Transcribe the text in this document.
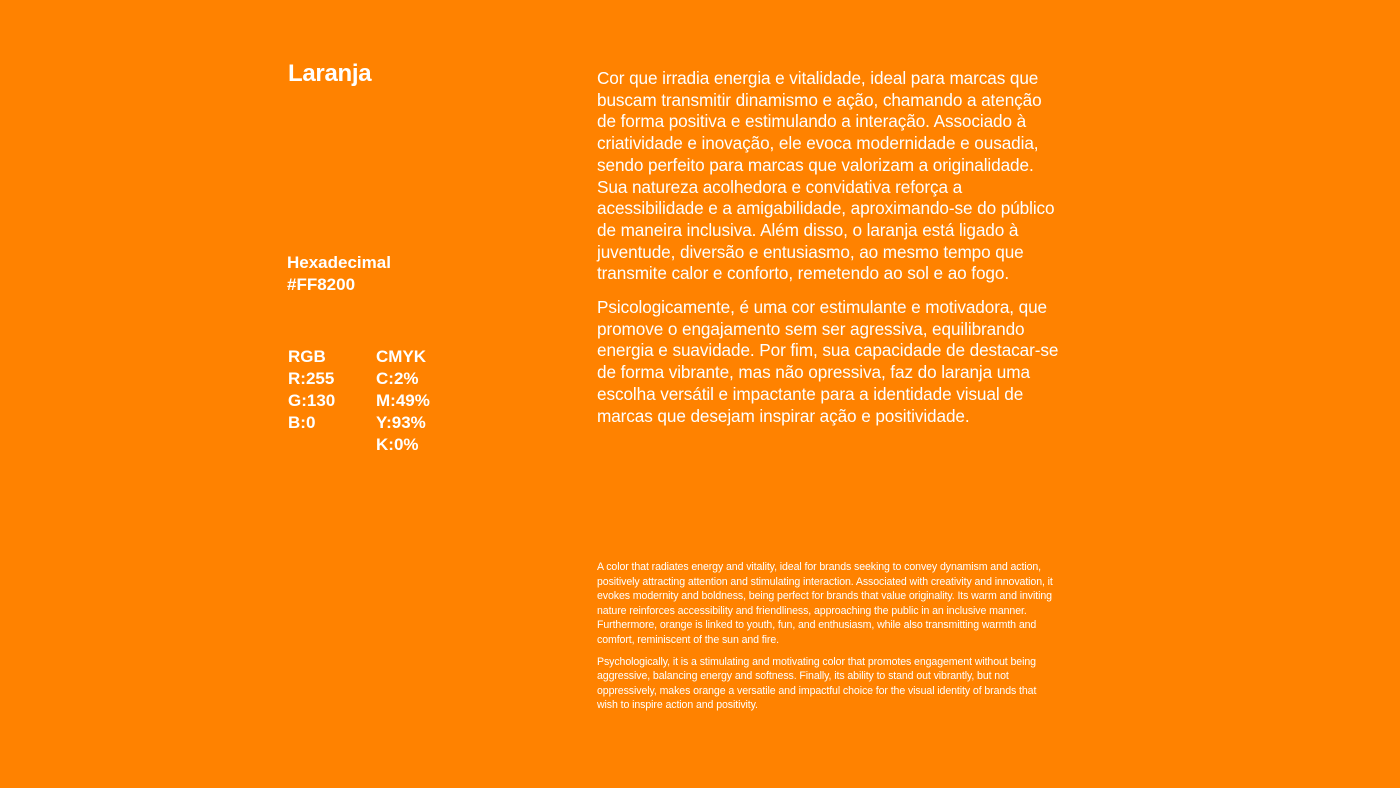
Laranja
Hexadecimal
#FF8200
RGB
R:255
G:130
B:0
CMYK
C:2%
M:49%
Y:93%
K:0%

Cor que irradia energia e vitalidade, ideal para marcas que buscam transmitir dinamismo e ação, chamando a atenção de forma positiva e estimulando a interação. Associado à criatividade e inovação, ele evoca modernidade e ousadia, sendo perfeito para marcas que valorizam a originalidade. Sua natureza acolhedora e convidativa reforça a acessibilidade e a amigabilidade, aproximando-se do público de maneira inclusiva. Além disso, o laranja está ligado à juventude, diversão e entusiasmo, ao mesmo tempo que transmite calor e conforto, remetendo ao sol e ao fogo.

Psicologicamente, é uma cor estimulante e motivadora, que promove o engajamento sem ser agressiva, equilibrando energia e suavidade. Por fim, sua capacidade de destacar-se de forma vibrante, mas não opressiva, faz do laranja uma escolha versátil e impactante para a identidade visual de marcas que desejam inspirar ação e positividade.

A color that radiates energy and vitality, ideal for brands seeking to convey dynamism and action, positively attracting attention and stimulating interaction. Associated with creativity and innovation, it evokes modernity and boldness, being perfect for brands that value originality. Its warm and inviting nature reinforces accessibility and friendliness, approaching the public in an inclusive manner. Furthermore, orange is linked to youth, fun, and enthusiasm, while also transmitting warmth and comfort, reminiscent of the sun and fire.

Psychologically, it is a stimulating and motivating color that promotes engagement without being aggressive, balancing energy and softness. Finally, its ability to stand out vibrantly, but not oppressively, makes orange a versatile and impactful choice for the visual identity of brands that wish to inspire action and positivity.
